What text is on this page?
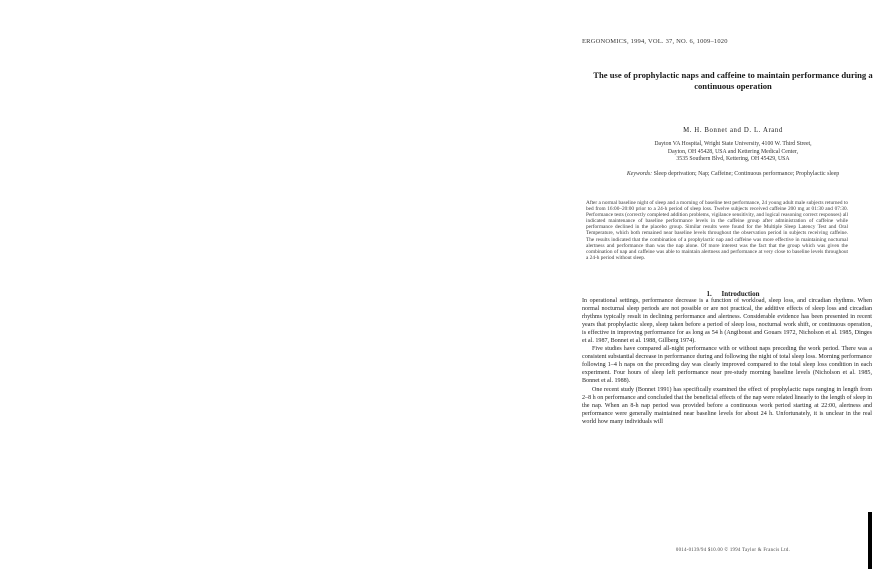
ERGONOMICS, 1994, VOL. 37, NO. 6, 1009–1020
The use of prophylactic naps and caffeine to maintain performance during a continuous operation
M. H. Bonnet and D. L. Arand
Dayton VA Hospital, Wright State University, 4100 W. Third Street,
Dayton, OH 45428, USA and Kettering Medical Center,
3535 Southern Blvd, Kettering, OH 45429, USA
Keywords: Sleep deprivation; Nap; Caffeine; Continuous performance; Prophylactic sleep
After a normal baseline night of sleep and a morning of baseline test performance, 24 young adult male subjects returned to bed from 16:00–20:00 prior to a 24-h period of sleep loss. Twelve subjects received caffeine 200 mg at 01:30 and 07:30. Performance tests (correctly completed addition problems, vigilance sensitivity, and logical reasoning correct responses) all indicated maintenance of baseline performance levels in the caffeine group after administration of caffeine while performance declined in the placebo group. Similar results were found for the Multiple Sleep Latency Test and Oral Temperature, which both remained near baseline levels throughout the observation period in subjects receiving caffeine. The results indicated that the combination of a prophylactic nap and caffeine was more effective in maintaining nocturnal alertness and performance than was the nap alone. Of more interest was the fact that the group which was given the combination of nap and caffeine was able to maintain alertness and performance at very close to baseline levels throughout a 24-h period without sleep.
1. Introduction

In operational settings, performance decrease is a function of workload, sleep loss, and circadian rhythms. When normal nocturnal sleep periods are not possible or are not practical, the additive effects of sleep loss and circadian rhythms typically result in declining performance and alertness. Considerable evidence has been presented in recent years that prophylactic sleep, sleep taken before a period of sleep loss, nocturnal work shift, or continuous operation, is effective in improving performance for as long as 54 h (Angiboust and Gouars 1972, Nicholson et al. 1985, Dinges et al. 1987, Bonnet et al. 1988, Gillberg 1974).

Five studies have compared all-night performance with or without naps preceding the work period. There was a consistent substantial decrease in performance during and following the night of total sleep loss. Morning performance following 1–4 h naps on the preceding day was clearly improved compared to the total sleep loss condition in each experiment. Four hours of sleep left performance near pre-study morning baseline levels (Nicholson et al. 1985, Bonnet et al. 1988).

One recent study (Bonnet 1991) has specifically examined the effect of prophylactic naps ranging in length from 2–8 h on performance and concluded that the beneficial effects of the nap were related linearly to the length of sleep in the nap. When an 8-h nap period was provided before a continuous work period starting at 22:00, alertness and performance were generally maintained near baseline levels for about 24 h. Unfortunately, it is unclear in the real world how many individuals will

0014-0139/94 $10.00 © 1994 Taylor & Francis Ltd.
